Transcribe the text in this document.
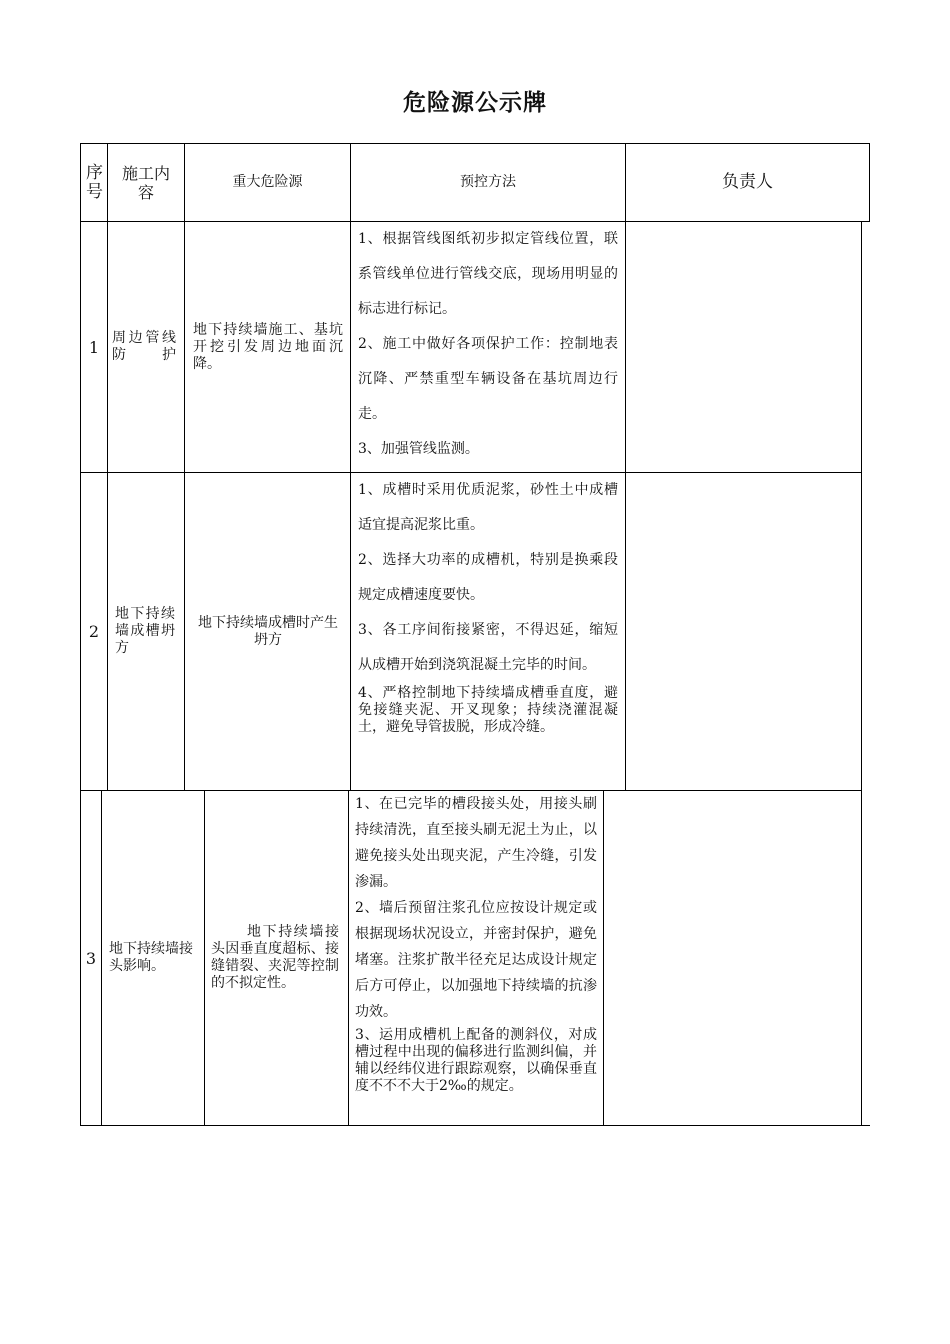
危险源公示牌
序号
施工内容
重大危险源	预控方法	负责人
1 周边管线防护
地下持续墙施工、基坑开挖引发周边地面沉降。

1、根据管线图纸初步拟定管线位置，联系管线单位进行管线交底，现场用明显的标志进行标记。

2、施工中做好各项保护工作：控制地表沉降、严禁重型车辆设备在基坑周边行走。

3、加强管线监测。

2
地下持续墙成槽坍方
地下持续墙成槽时产生坍方

1、成槽时采用优质泥浆，砂性土中成槽适宜提高泥浆比重。

2、选择大功率的成槽机，特别是换乘段规定成槽速度要快。

3、各工序间衔接紧密，不得迟延，缩短从成槽开始到浇筑混凝土完毕的时间。

4、严格控制地下持续墙成槽垂直度，避免接缝夹泥、开叉现象；持续浇灌混凝土，避免导管拔脱，形成冷缝。

3 地下持续墙接头影响。
地下持续墙接头因垂直度超标、接缝错裂、夹泥等控制的不拟定性。

1、在已完毕的槽段接头处，用接头刷持续清洗，直至接头刷无泥土为止，以避免接头处出现夹泥，产生冷缝，引发渗漏。

2、墙后预留注浆孔位应按设计规定或根据现场状况设立，并密封保护，避免堵塞。注浆扩散半径充足达成设计规定后方可停止，以加强地下持续墙的抗渗功效。

3、运用成槽机上配备的测斜仪，对成槽过程中出现的偏移进行监测纠偏，并辅以经纬仪进行跟踪观察，以确保垂直度不不不大于2‰的规定。
